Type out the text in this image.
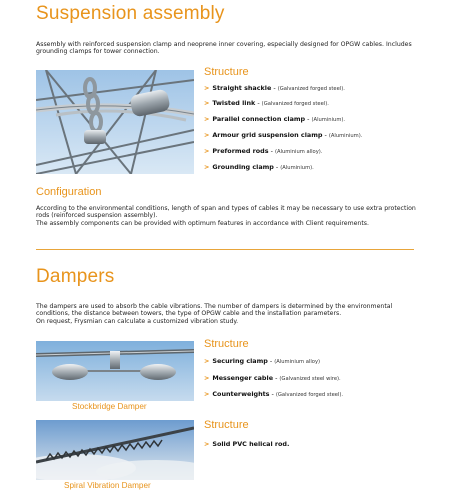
Suspension assembly
Assembly with reinforced suspension clamp and neoprene inner covering, especially designed for OPGW cables. Includes grounding clamps for tower connection.
Structure
> Straight shackle - (Galvanized forged steel).
> Twisted link - (Galvanized forged steel).
> Parallel connection clamp - (Aluminium).
> Armour grid suspension clamp - (Aluminium).
> Preformed rods - (Aluminium alloy).
> Grounding clamp - (Aluminium).
Configuration
According to the environmental conditions, length of span and types of cables it may be necessary to use extra protection rods (reinforced suspension assembly).
The assembly components can be provided with optimum features in accordance with Client requirements.
Dampers
The dampers are used to absorb the cable vibrations. The number of dampers is determined by the environmental conditions, the distance between towers, the type of OPGW cable and the installation parameters.
On request, Frysmian can calculate a customized vibration study.
Stockbridge Damper
Structure
> Securing clamp - (Aluminium alloy)
> Messenger cable - (Galvanized steel wire).
> Counterweights - (Galvanized forged steel).
Spiral Vibration Damper
Structure
> Solid PVC helical rod.
